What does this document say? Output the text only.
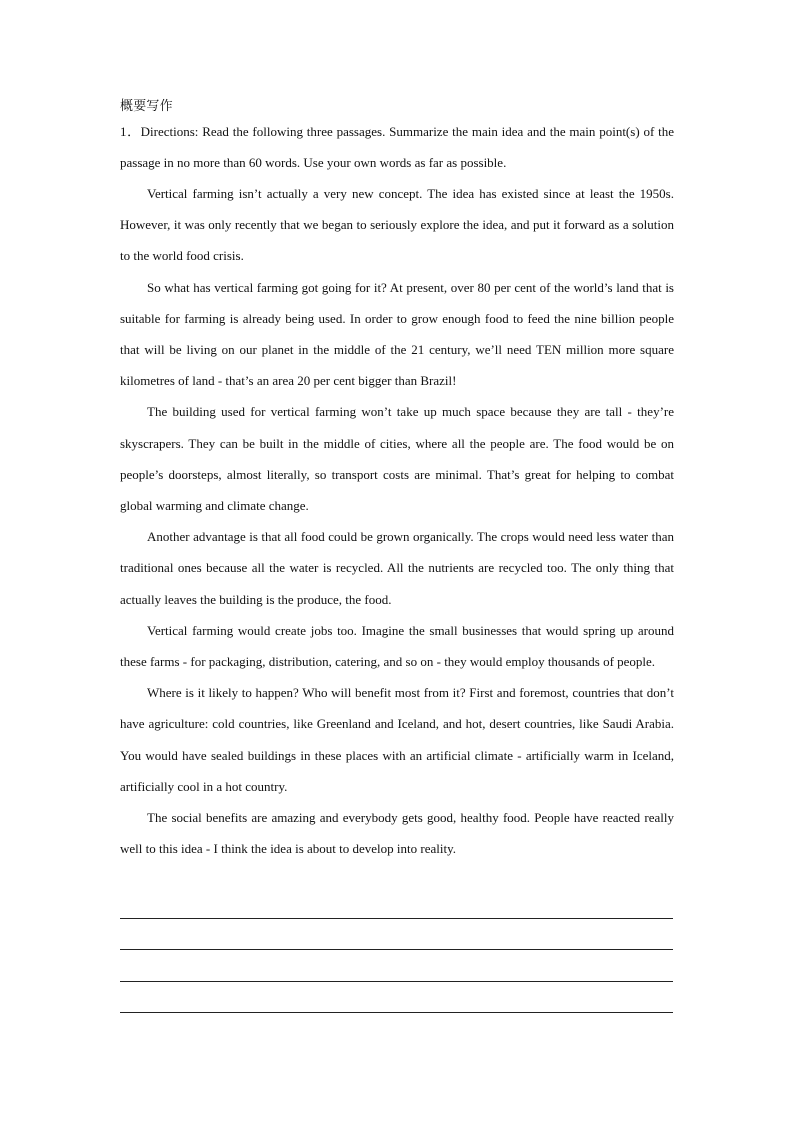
概要写作

1．Directions: Read the following three passages. Summarize the main idea and the main point(s) of the passage in no more than 60 words. Use your own words as far as possible.

Vertical farming isn’t actually a very new concept. The idea has existed since at least the 1950s. However, it was only recently that we began to seriously explore the idea, and put it forward as a solution to the world food crisis.

So what has vertical farming got going for it? At present, over 80 per cent of the world’s land that is suitable for farming is already being used. In order to grow enough food to feed the nine billion people that will be living on our planet in the middle of the 21 century, we’ll need TEN million more square kilometres of land - that’s an area 20 per cent bigger than Brazil!

The building used for vertical farming won’t take up much space because they are tall - they’re skyscrapers. They can be built in the middle of cities, where all the people are. The food would be on people’s doorsteps, almost literally, so transport costs are minimal. That’s great for helping to combat global warming and climate change.

Another advantage is that all food could be grown organically. The crops would need less water than traditional ones because all the water is recycled. All the nutrients are recycled too. The only thing that actually leaves the building is the produce, the food.

Vertical farming would create jobs too. Imagine the small businesses that would spring up around these farms - for packaging, distribution, catering, and so on - they would employ thousands of people.

Where is it likely to happen? Who will benefit most from it? First and foremost, countries that don’t have agriculture: cold countries, like Greenland and Iceland, and hot, desert countries, like Saudi Arabia. You would have sealed buildings in these places with an artificial climate - artificially warm in Iceland, artificially cool in a hot country.

The social benefits are amazing and everybody gets good, healthy food. People have reacted really well to this idea - I think the idea is about to develop into reality.
